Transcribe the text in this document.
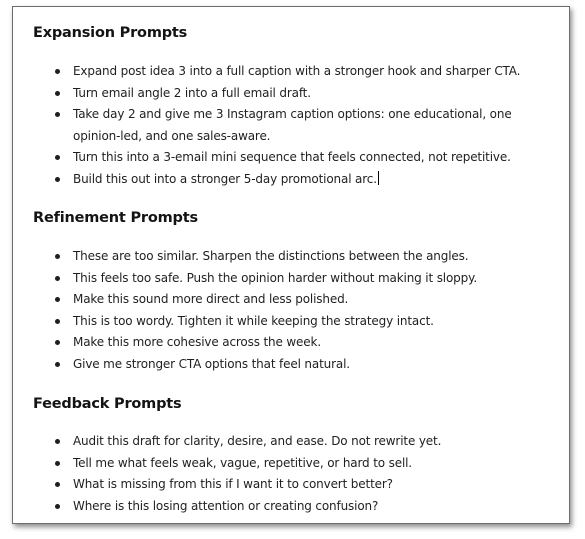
Expansion Prompts
Expand post idea 3 into a full caption with a stronger hook and sharper CTA.
Turn email angle 2 into a full email draft.
Take day 2 and give me 3 Instagram caption options: one educational, one opinion-led, and one sales-aware.
Turn this into a 3-email mini sequence that feels connected, not repetitive.
Build this out into a stronger 5-day promotional arc.
Refinement Prompts
These are too similar. Sharpen the distinctions between the angles.
This feels too safe. Push the opinion harder without making it sloppy.
Make this sound more direct and less polished.
This is too wordy. Tighten it while keeping the strategy intact.
Make this more cohesive across the week.
Give me stronger CTA options that feel natural.
Feedback Prompts
Audit this draft for clarity, desire, and ease. Do not rewrite yet.
Tell me what feels weak, vague, repetitive, or hard to sell.
What is missing from this if I want it to convert better?
Where is this losing attention or creating confusion?
